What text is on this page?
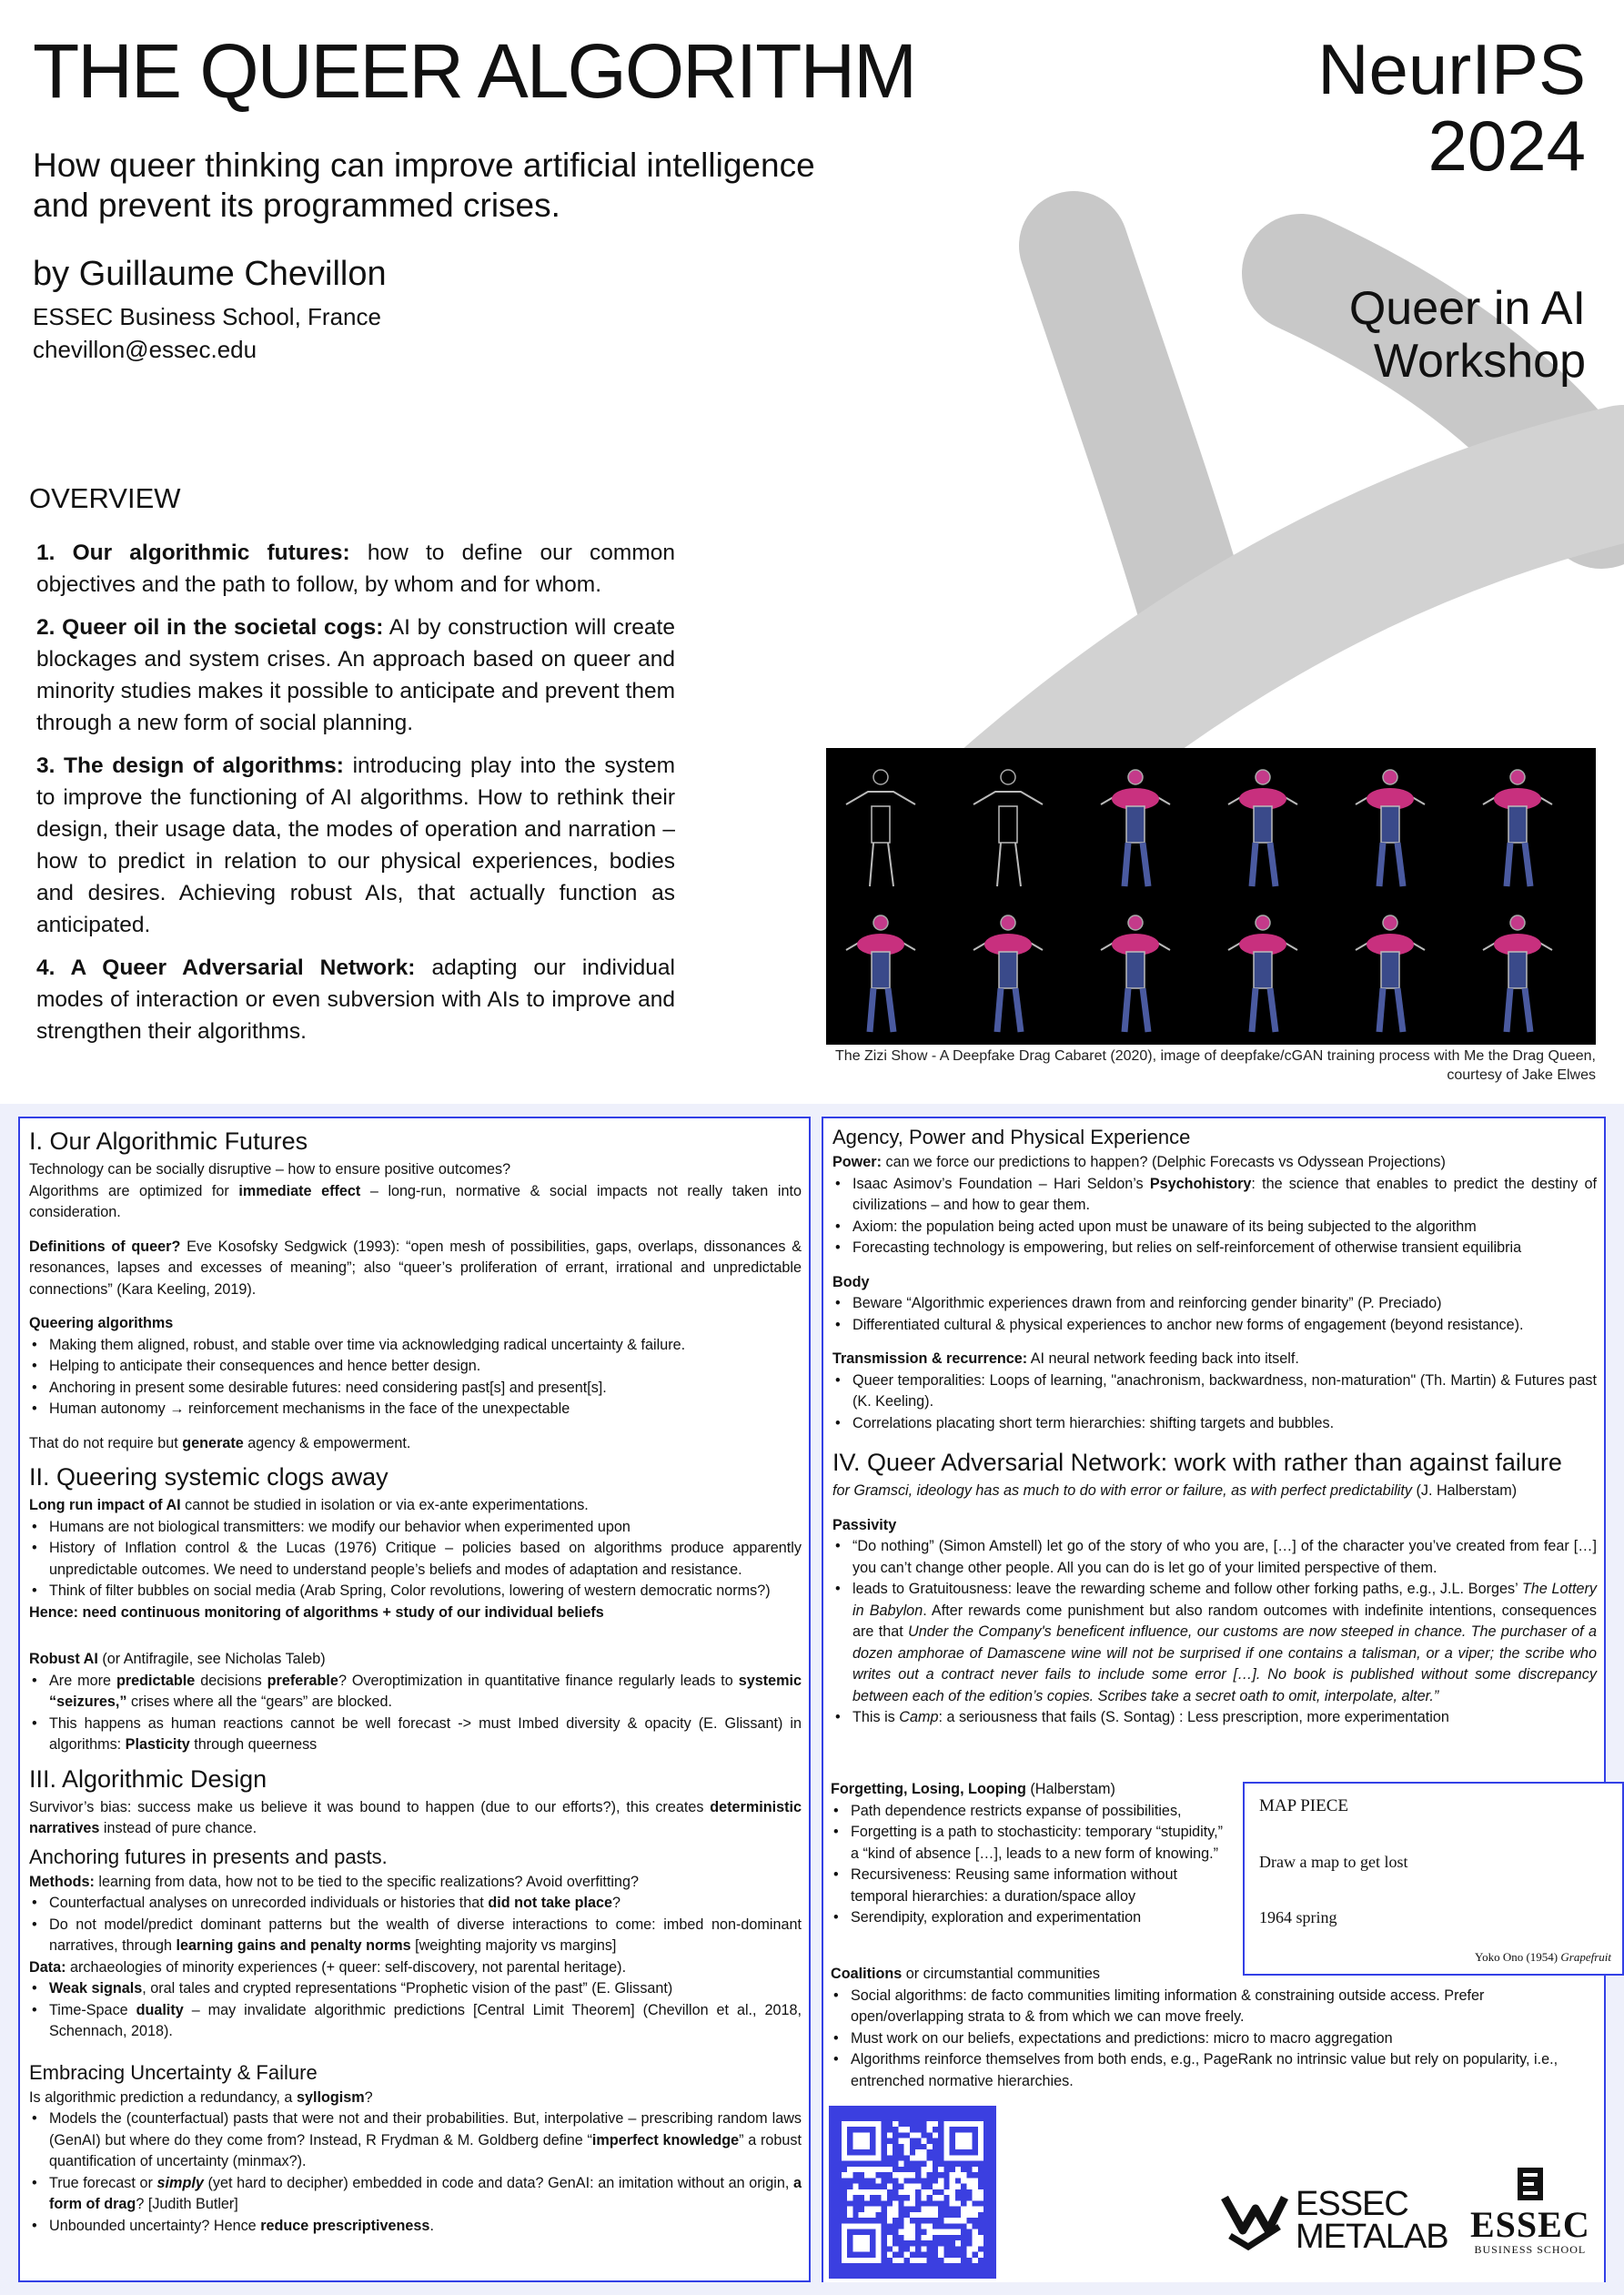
THE QUEER ALGORITHM
How queer thinking can improve artificial intelligence
and prevent its programmed crises.
by Guillaume Chevillon
ESSEC Business School, France
chevillon@essec.edu
NeurIPS
2024
Queer in AI
Workshop
OVERVIEW

1. Our algorithmic futures: how to define our common objectives and the path to follow, by whom and for whom.

2. Queer oil in the societal cogs: AI by construction will create blockages and system crises. An approach based on queer and minority studies makes it possible to anticipate and prevent them through a new form of social planning.

3. The design of algorithms: introducing play into the system to improve the functioning of AI algorithms. How to rethink their design, their usage data, the modes of operation and narration – how to predict in relation to our physical experiences, bodies and desires. Achieving robust AIs, that actually function as anticipated.

4. A Queer Adversarial Network: adapting our individual modes of interaction or even subversion with AIs to improve and strengthen their algorithms.

The Zizi Show - A Deepfake Drag Cabaret (2020), image of deepfake/cGAN training process with Me the Drag Queen, courtesy of Jake Elwes
I. Our Algorithmic Futures
Technology can be socially disruptive – how to ensure positive outcomes?
Algorithms are optimized for immediate effect – long-run, normative & social impacts not really taken into consideration.
Definitions of queer? Eve Kosofsky Sedgwick (1993): “open mesh of possibilities, gaps, overlaps, dissonances & resonances, lapses and excesses of meaning”; also “queer’s proliferation of errant, irrational and unpredictable connections” (Kara Keeling, 2019).
Queering algorithms
• Making them aligned, robust, and stable over time via acknowledging radical uncertainty & failure.
• Helping to anticipate their consequences and hence better design.
• Anchoring in present some desirable futures: need considering past[s] and present[s].
• Human autonomy → reinforcement mechanisms in the face of the unexpectable
That do not require but generate agency & empowerment.
II. Queering systemic clogs away
Long run impact of AI cannot be studied in isolation or via ex-ante experimentations.
• Humans are not biological transmitters: we modify our behavior when experimented upon
• History of Inflation control & the Lucas (1976) Critique – policies based on algorithms produce apparently unpredictable outcomes. We need to understand people’s beliefs and modes of adaptation and resistance.
• Think of filter bubbles on social media (Arab Spring, Color revolutions, lowering of western democratic norms?)
Hence: need continuous monitoring of algorithms + study of our individual beliefs
Robust AI (or Antifragile, see Nicholas Taleb)
• Are more predictable decisions preferable? Overoptimization in quantitative finance regularly leads to systemic “seizures,” crises where all the “gears” are blocked.
• This happens as human reactions cannot be well forecast -> must Imbed diversity & opacity (E. Glissant) in algorithms: Plasticity through queerness
III. Algorithmic Design
Survivor’s bias: success make us believe it was bound to happen (due to our efforts?), this creates deterministic narratives instead of pure chance.
Anchoring futures in presents and pasts.
Methods: learning from data, how not to be tied to the specific realizations? Avoid overfitting?
• Counterfactual analyses on unrecorded individuals or histories that did not take place?
• Do not model/predict dominant patterns but the wealth of diverse interactions to come: imbed non-dominant narratives, through learning gains and penalty norms [weighting majority vs margins]
Data: archaeologies of minority experiences (+ queer: self-discovery, not parental heritage).
• Weak signals, oral tales and crypted representations “Prophetic vision of the past” (E. Glissant)
• Time-Space duality – may invalidate algorithmic predictions [Central Limit Theorem] (Chevillon et al., 2018, Schennach, 2018).
Embracing Uncertainty & Failure
Is algorithmic prediction a redundancy, a syllogism?
• Models the (counterfactual) pasts that were not and their probabilities. But, interpolative – prescribing random laws (GenAI) but where do they come from? Instead, R Frydman & M. Goldberg define “imperfect knowledge” a robust quantification of uncertainty (minmax?).
• True forecast or simply (yet hard to decipher) embedded in code and data? GenAI: an imitation without an origin, a form of drag? [Judith Butler]
• Unbounded uncertainty? Hence reduce prescriptiveness.
Agency, Power and Physical Experience
Power: can we force our predictions to happen? (Delphic Forecasts vs Odyssean Projections)
• Isaac Asimov’s Foundation – Hari Seldon’s Psychohistory: the science that enables to predict the destiny of civilizations – and how to gear them.
• Axiom: the population being acted upon must be unaware of its being subjected to the algorithm
• Forecasting technology is empowering, but relies on self-reinforcement of otherwise transient equilibria
Body
• Beware “Algorithmic experiences drawn from and reinforcing gender binarity” (P. Preciado)
• Differentiated cultural & physical experiences to anchor new forms of engagement (beyond resistance).
Transmission & recurrence: AI neural network feeding back into itself.
• Queer temporalities: Loops of learning, "anachronism, backwardness, non-maturation" (Th. Martin) & Futures past (K. Keeling).
• Correlations placating short term hierarchies: shifting targets and bubbles.
IV. Queer Adversarial Network: work with rather than against failure
for Gramsci, ideology has as much to do with error or failure, as with perfect predictability (J. Halberstam)
Passivity
• “Do nothing” (Simon Amstell) let go of the story of who you are, […] of the character you’ve created from fear […] you can’t change other people. All you can do is let go of your limited perspective of them.
• leads to Gratuitousness: leave the rewarding scheme and follow other forking paths, e.g., J.L. Borges’ The Lottery in Babylon. After rewards come punishment but also random outcomes with indefinite intentions, consequences are that Under the Company's beneficent influence, our customs are now steeped in chance. The purchaser of a dozen amphorae of Damascene wine will not be surprised if one contains a talisman, or a viper; the scribe who writes out a contract never fails to include some error […]. No book is published without some discrepancy between each of the edition’s copies. Scribes take a secret oath to omit, interpolate, alter.”
• This is Camp: a seriousness that fails (S. Sontag) : Less prescription, more experimentation
Forgetting, Losing, Looping (Halberstam)
• Path dependence restricts expanse of possibilities,
• Forgetting is a path to stochasticity: temporary “stupidity,” a “kind of absence […], leads to a new form of knowing.”
• Recursiveness: Reusing same information without temporal hierarchies: a duration/space alloy
• Serendipity, exploration and experimentation
MAP PIECE
Draw a map to get lost
1964 spring
Yoko Ono (1954) Grapefruit
Coalitions or circumstantial communities
• Social algorithms: de facto communities limiting information & constraining outside access. Prefer open/overlapping strata to & from which we can move freely.
• Must work on our beliefs, expectations and predictions: micro to macro aggregation
• Algorithms reinforce themselves from both ends, e.g., PageRank no intrinsic value but rely on popularity, i.e., entrenched normative hierarchies.
ESSEC
METALAB ESSEC
BUSINESS SCHOOL
